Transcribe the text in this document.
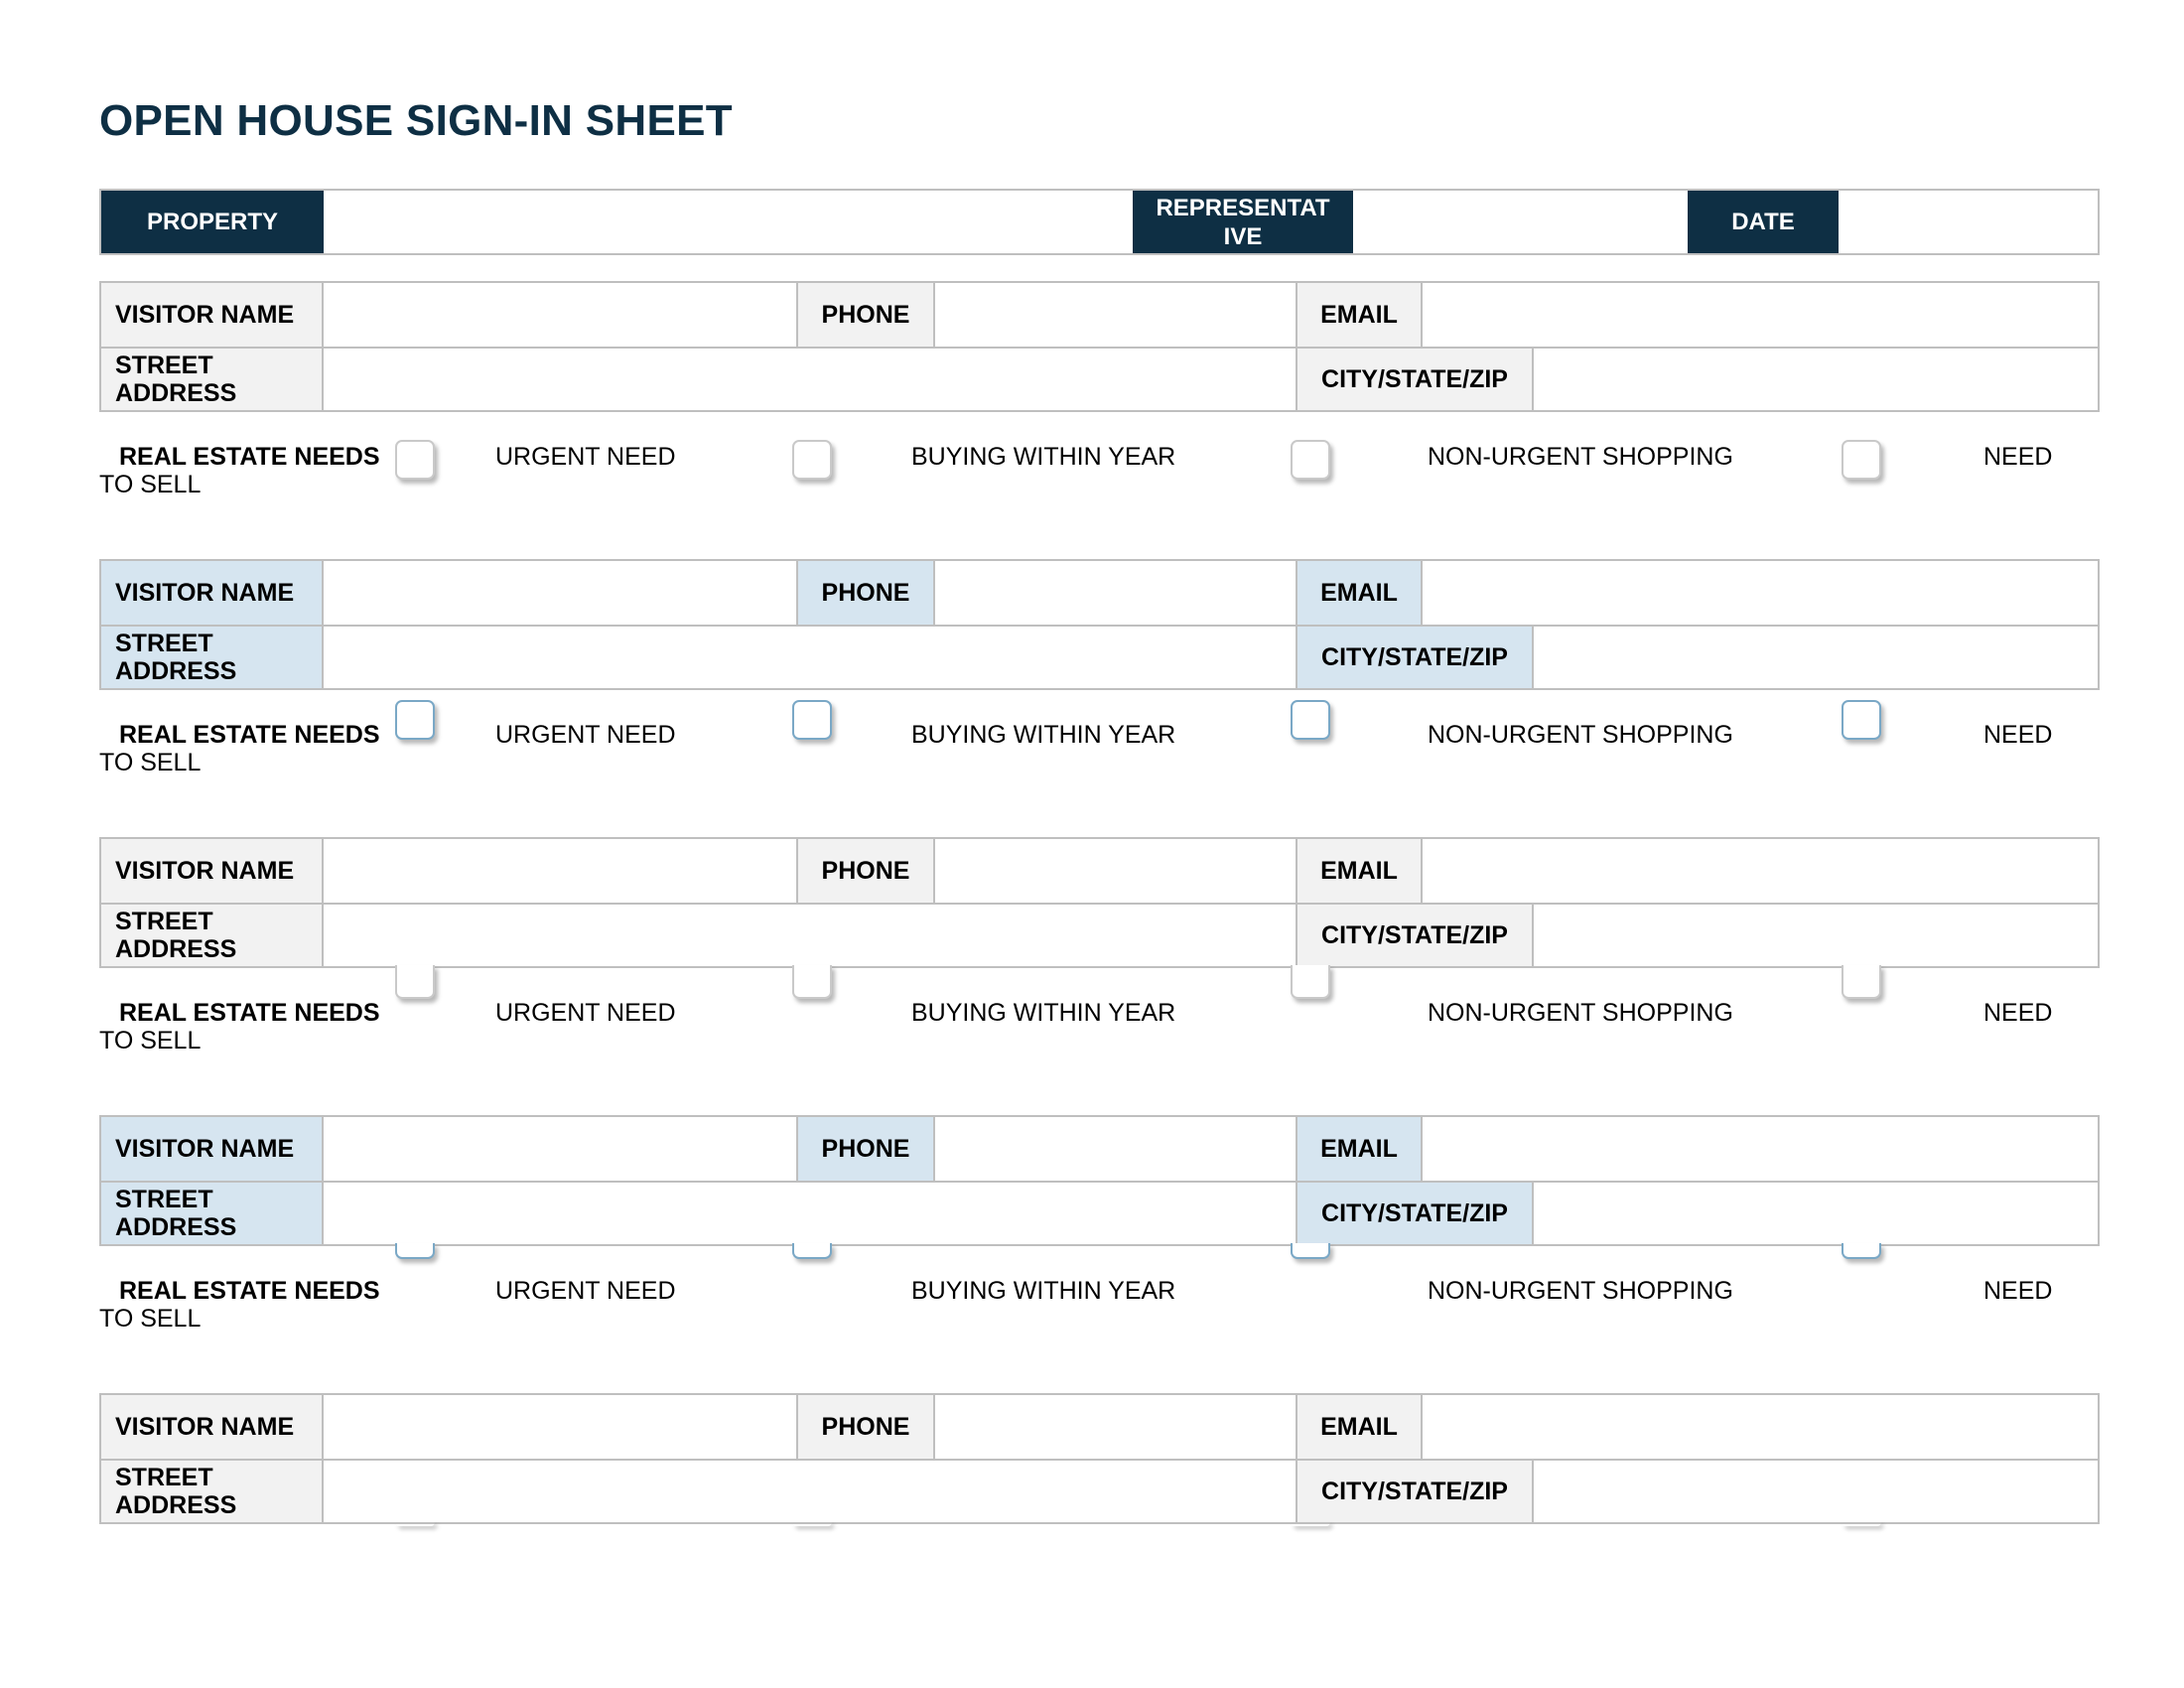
OPEN HOUSE SIGN-IN SHEET
PROPERTY
REPRESENTAT
IVE
DATE
VISITOR NAME	PHONE	EMAIL
STREET
ADDRESS	CITY/STATE/ZIP
REAL ESTATE NEEDS	URGENT NEED	BUYING WITHIN YEAR	NON-URGENT SHOPPING	NEED
TO SELL
VISITOR NAME	PHONE	EMAIL
STREET
ADDRESS	CITY/STATE/ZIP
REAL ESTATE NEEDS	URGENT NEED	BUYING WITHIN YEAR	NON-URGENT SHOPPING	NEED
TO SELL
VISITOR NAME	PHONE	EMAIL
STREET
ADDRESS	CITY/STATE/ZIP
REAL ESTATE NEEDS	URGENT NEED	BUYING WITHIN YEAR	NON-URGENT SHOPPING	NEED
TO SELL
VISITOR NAME	PHONE	EMAIL
STREET
ADDRESS	CITY/STATE/ZIP
REAL ESTATE NEEDS	URGENT NEED	BUYING WITHIN YEAR	NON-URGENT SHOPPING	NEED
TO SELL
VISITOR NAME	PHONE	EMAIL
STREET
ADDRESS	CITY/STATE/ZIP
